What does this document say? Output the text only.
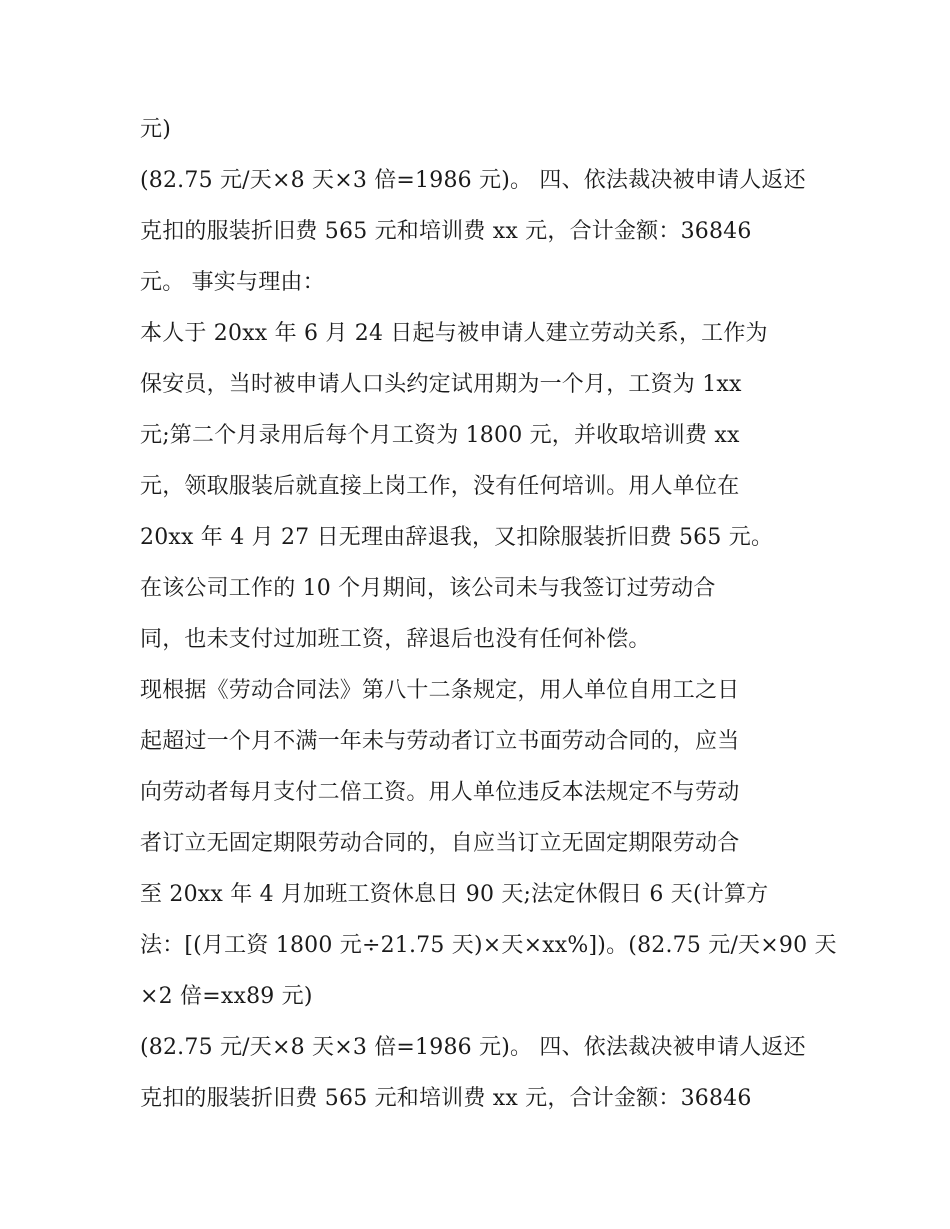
元)
(82.75 元/天×8 天×3 倍=1986 元)。 四、依法裁决被申请人返还
克扣的服装折旧费 565 元和培训费 xx 元，合计金额：36846
元。 事实与理由：
本人于 20xx 年 6 月 24 日起与被申请人建立劳动关系，工作为
保安员，当时被申请人口头约定试用期为一个月，工资为 1xx
元;第二个月录用后每个月工资为 1800 元，并收取培训费 xx
元，领取服装后就直接上岗工作，没有任何培训。用人单位在
20xx 年 4 月 27 日无理由辞退我，又扣除服装折旧费 565 元。
在该公司工作的 10 个月期间，该公司未与我签订过劳动合
同，也未支付过加班工资，辞退后也没有任何补偿。
现根据《劳动合同法》第八十二条规定，用人单位自用工之日
起超过一个月不满一年未与劳动者订立书面劳动合同的，应当
向劳动者每月支付二倍工资。用人单位违反本法规定不与劳动
者订立无固定期限劳动合同的，自应当订立无固定期限劳动合
至 20xx 年 4 月加班工资休息日 90 天;法定休假日 6 天(计算方
法：[(月工资 1800 元÷21.75 天)×天×xx%])。(82.75 元/天×90 天
×2 倍=xx89 元)
(82.75 元/天×8 天×3 倍=1986 元)。 四、依法裁决被申请人返还
克扣的服装折旧费 565 元和培训费 xx 元，合计金额：36846
